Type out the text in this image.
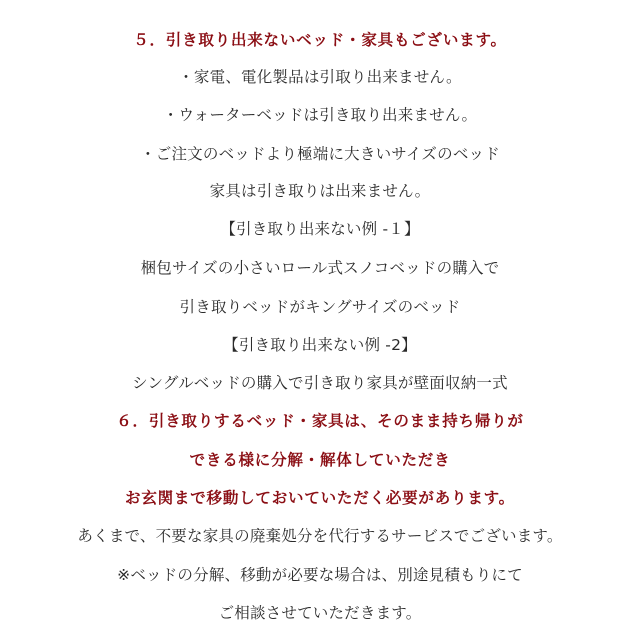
５．引き取り出来ないベッド・家具もございます。
・家電、電化製品は引取り出来ません。
・ウォーターベッドは引き取り出来ません。
・ご注文のベッドより極端に大きいサイズのベッド
家具は引き取りは出来ません。
【引き取り出来ない例 -１】
梱包サイズの小さいロール式スノコベッドの購入で
引き取りベッドがキングサイズのベッド
【引き取り出来ない例 -2】
シングルベッドの購入で引き取り家具が壁面収納一式
６．引き取りするベッド・家具は、そのまま持ち帰りが
できる様に分解・解体していただき
お玄関まで移動しておいていただく必要があります。
あくまで、不要な家具の廃棄処分を代行するサービスでございます。
※ベッドの分解、移動が必要な場合は、別途見積もりにて
ご相談させていただきます。
